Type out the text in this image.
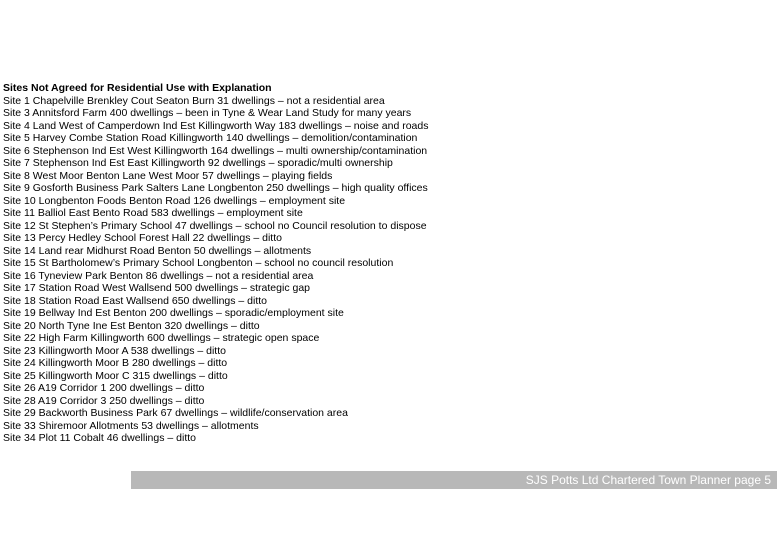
Sites Not Agreed for Residential Use with Explanation
Site 1 Chapelville Brenkley Cout Seaton Burn 31 dwellings – not a residential area
Site 3 Annitsford Farm 400 dwellings – been in Tyne & Wear Land Study for many years
Site 4 Land West of Camperdown Ind Est Killingworth Way 183 dwellings – noise and roads
Site 5 Harvey Combe Station Road Killingworth 140 dwellings – demolition/contamination
Site 6 Stephenson Ind Est West Killingworth 164 dwellings – multi ownership/contamination
Site 7 Stephenson Ind Est East Killingworth 92 dwellings – sporadic/multi ownership
Site 8 West Moor Benton Lane West Moor 57 dwellings – playing fields
Site 9 Gosforth Business Park Salters Lane Longbenton 250 dwellings – high quality offices
Site 10 Longbenton Foods Benton Road 126 dwellings – employment site
Site 11 Balliol East Bento Road 583 dwellings – employment site
Site 12 St Stephen’s Primary School 47 dwellings – school no Council resolution to dispose
Site 13 Percy Hedley School Forest Hall 22 dwellings – ditto
Site 14 Land rear Midhurst Road Benton 50 dwellings – allotments
Site 15 St Bartholomew’s Primary School Longbenton – school no council resolution
Site 16 Tyneview Park Benton 86 dwellings – not a residential area
Site 17 Station Road West Wallsend 500 dwellings – strategic gap
Site 18 Station Road East Wallsend 650 dwellings – ditto
Site 19 Bellway Ind Est Benton 200 dwellings – sporadic/employment site
Site 20 North Tyne Ine Est Benton 320 dwellings – ditto
Site 22 High Farm Killingworth 600 dwellings – strategic open space
Site 23 Killingworth Moor A 538 dwellings – ditto
Site 24 Killingworth Moor B 280 dwellings – ditto
Site 25 Killingworth Moor C 315 dwellings – ditto
Site 26 A19 Corridor 1 200 dwellings – ditto
Site 28 A19 Corridor 3 250 dwellings – ditto
Site 29 Backworth Business Park 67 dwellings – wildlife/conservation area
Site 33 Shiremoor Allotments 53 dwellings – allotments
Site 34 Plot 11 Cobalt 46 dwellings – ditto
SJS Potts Ltd Chartered Town Planner page 5
